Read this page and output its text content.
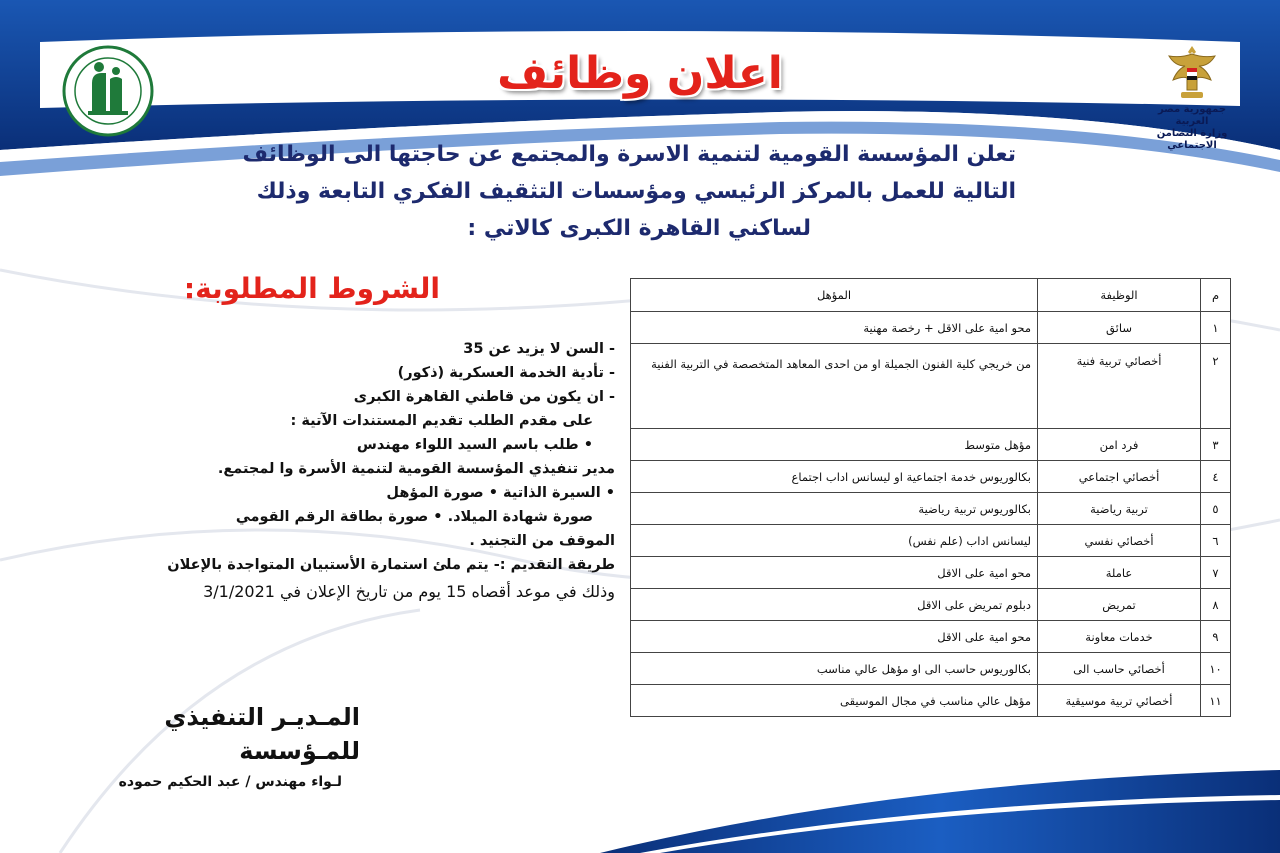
جمهورية مصر العربية
وزارة التضامن الاجتماعي
اعلان وظائف
تعلن المؤسسة القومية لتنمية الاسرة والمجتمع عن حاجتها الى الوظائف
التالية للعمل بالمركز الرئيسي ومؤسسات التثقيف الفكري التابعة وذلك
لساكني القاهرة الكبرى كالاتي :
الشروط المطلوبة:
- السن لا يزيد عن 35
- تأدية الخدمة العسكرية (ذكور)
- ان يكون من قاطني القاهرة الكبرى
على مقدم الطلب تقديم المستندات الآتية :
• طلب باسم السيد اللواء مهندس
مدير تنفيذي المؤسسة القومية لتنمية الأسرة وا لمجتمع.
• السيرة الذاتية • صورة المؤهل
صورة شهادة الميلاد. • صورة بطاقة الرقم القومي
الموقف من التجنيد .
طريقة التقديم :- يتم ملئ استمارة الأستبيان المتواجدة بالإعلان
وذلك في موعد أقصاه 15 يوم من تاريخ الإعلان في 3/1/2021
المـديـر التنفيذي للمـؤسسة
لـواء مهندس / عبد الحكيم حموده
م	الوظيفة	المؤهل
١	سائق	محو امية على الاقل + رخصة مهنية
٢	أخصائي تربية فنية	من خريجي كلية الفنون الجميلة او من احدى المعاهد المتخصصة في التربية الفنية
٣	فرد امن	مؤهل متوسط
٤	أخصائي اجتماعي	بكالوريوس خدمة اجتماعية او ليسانس اداب اجتماع
٥	تربية رياضية	بكالوريوس تربية رياضية
٦	أخصائي نفسي	ليسانس اداب (علم نفس)
٧	عاملة	محو امية على الاقل
٨	تمريض	دبلوم تمريض على الاقل
٩	خدمات معاونة	محو امية على الاقل
١٠	أخصائي حاسب الى	بكالوريوس حاسب الى او مؤهل عالي مناسب
١١	أخصائي تربية موسيقية	مؤهل عالي مناسب في مجال الموسيقى
